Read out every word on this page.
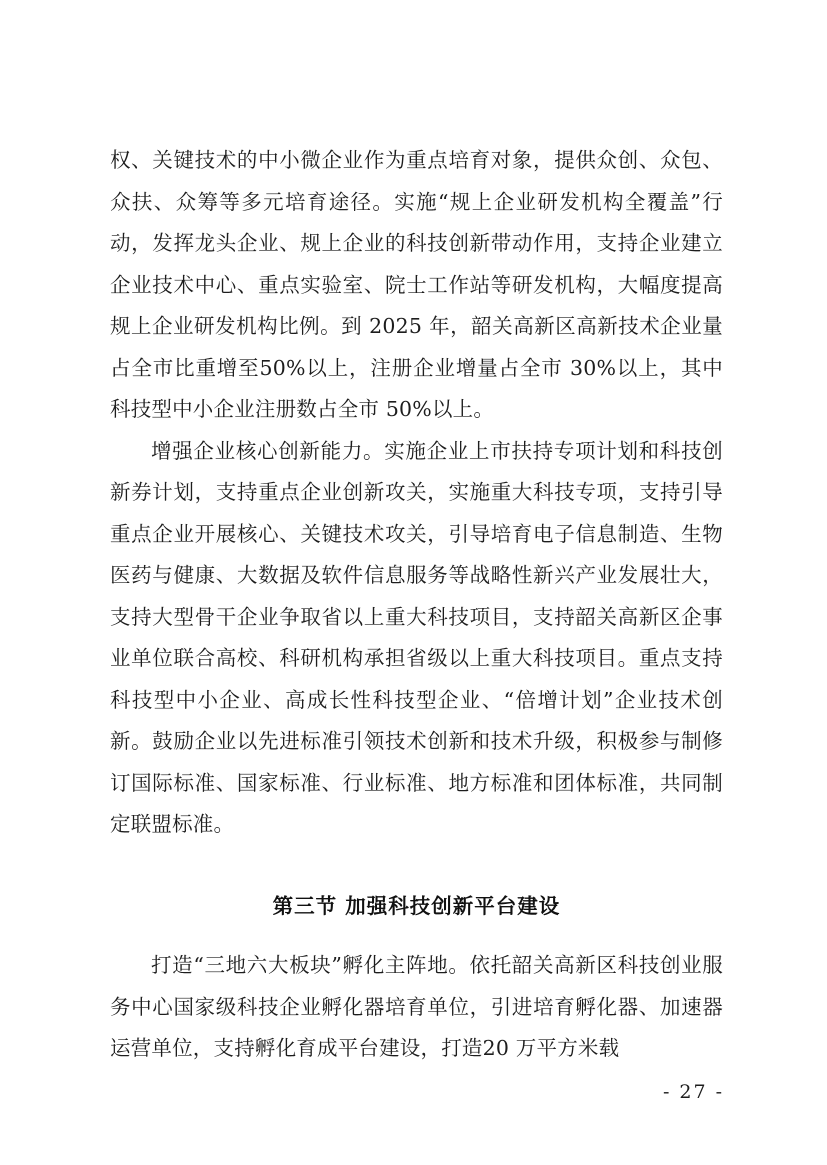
权、关键技术的中小微企业作为重点培育对象，提供众创、众包、众扶、众筹等多元培育途径。实施“规上企业研发机构全覆盖”行动，发挥龙头企业、规上企业的科技创新带动作用，支持企业建立企业技术中心、重点实验室、院士工作站等研发机构，大幅度提高规上企业研发机构比例。到 2025 年，韶关高新区高新技术企业量占全市比重增至50%以上，注册企业增量占全市 30%以上，其中科技型中小企业注册数占全市 50%以上。

增强企业核心创新能力。实施企业上市扶持专项计划和科技创新券计划，支持重点企业创新攻关，实施重大科技专项，支持引导重点企业开展核心、关键技术攻关，引导培育电子信息制造、生物医药与健康、大数据及软件信息服务等战略性新兴产业发展壮大，支持大型骨干企业争取省以上重大科技项目，支持韶关高新区企事业单位联合高校、科研机构承担省级以上重大科技项目。重点支持科技型中小企业、高成长性科技型企业、“倍增计划”企业技术创新。鼓励企业以先进标准引领技术创新和技术升级，积极参与制修订国际标准、国家标准、行业标准、地方标准和团体标准，共同制定联盟标准。

第三节 加强科技创新平台建设

打造“三地六大板块”孵化主阵地。依托韶关高新区科技创业服务中心国家级科技企业孵化器培育单位，引进培育孵化器、加速器运营单位，支持孵化育成平台建设，打造20 万平方米载

- 27 -
